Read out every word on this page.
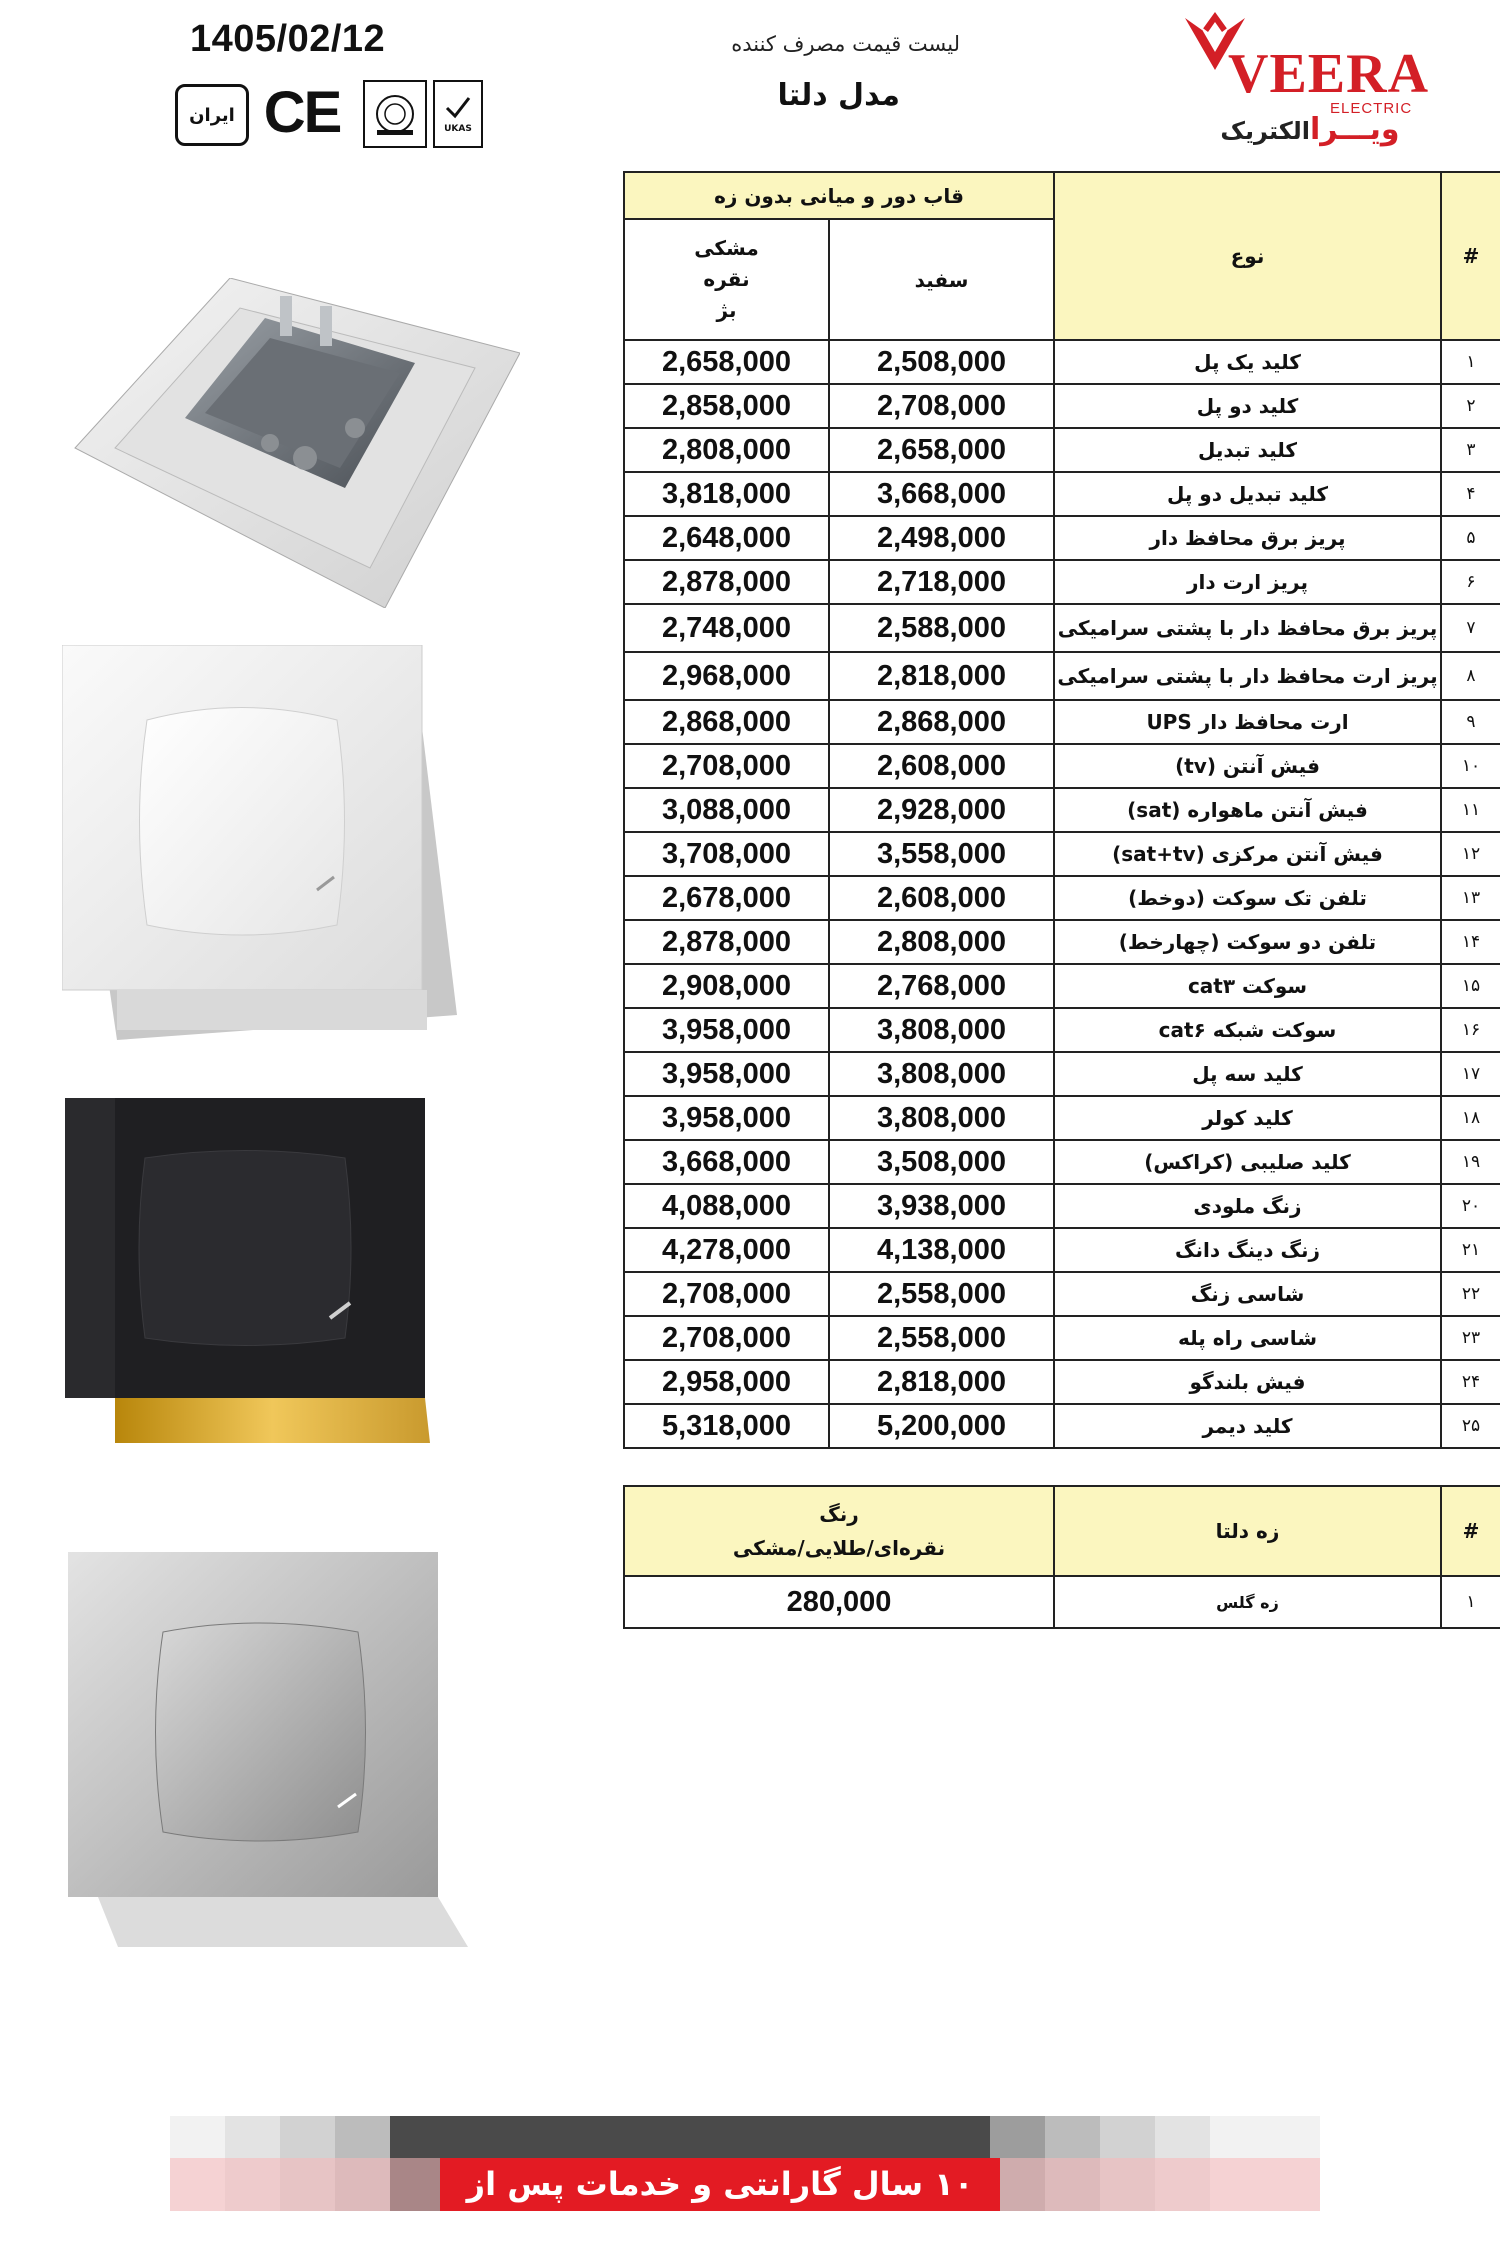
1405/02/12	لیست قیمت مصرف کننده
مدل دلتا
ایران CE	UKAS
VEERA
ELECTRIC
ویـــراالکتریک
#	نوع	قاب دور و میانی بدون زه	
		سفید	مشکی
نقره
بژ

۱	کلید یک پل	2,508,000	2,658,000
۲	کلید دو پل	2,708,000	2,858,000
۳	کلید تبدیل	2,658,000	2,808,000
۴	کلید تبدیل دو پل	3,668,000	3,818,000
۵	پریز برق محافظ دار	2,498,000	2,648,000
۶	پریز ارت دار	2,718,000	2,878,000
۷	پریز برق محافظ دار با پشتی سرامیکی	2,588,000	2,748,000
۸	پریز ارت محافظ دار با پشتی سرامیکی	2,818,000	2,968,000
۹	ارت محافظ دار UPS	2,868,000	2,868,000
۱۰	فیش آنتن (tv)	2,608,000	2,708,000
۱۱	فیش آنتن ماهواره (sat)	2,928,000	3,088,000
۱۲	فیش آنتن مرکزی (sat+tv)	3,558,000	3,708,000
۱۳	تلفن تک سوکت (دوخط)	2,608,000	2,678,000
۱۴	تلفن دو سوکت (چهارخط)	2,808,000	2,878,000
۱۵	سوکت cat۳	2,768,000	2,908,000
۱۶	سوکت شبکه cat۶	3,808,000	3,958,000
۱۷	کلید سه پل	3,808,000	3,958,000
۱۸	کلید کولر	3,808,000	3,958,000
۱۹	کلید صلیبی (کراکس)	3,508,000	3,668,000
۲۰	زنگ ملودی	3,938,000	4,088,000
۲۱	زنگ دینگ دانگ	4,138,000	4,278,000
۲۲	شاسی زنگ	2,558,000	2,708,000
۲۳	شاسی راه پله	2,558,000	2,708,000
۲۴	فیش بلندگو	2,818,000	2,958,000
۲۵	کلید دیمر	5,200,000	5,318,000
#	زه دلتا	رنگ
نقره‌ای/طلایی/مشکی

۱	زه گلس	280,000
۱۰ سال گارانتی و خدمات پس از فروش
